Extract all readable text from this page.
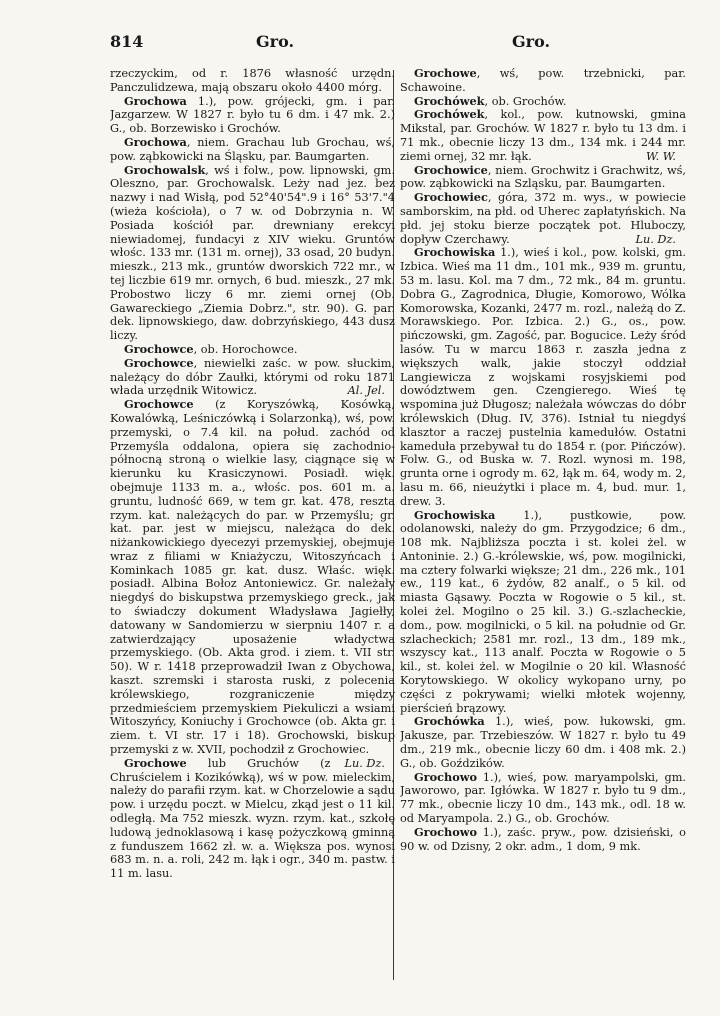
814	Gro.	Gro.

rzeczyckim, od r. 1876 własność urzędn. Panczulidzewa, mają obszaru około 4400 mórg.

Grochowa 1.), pow. grójecki, gm. i par. Jazgarzew. W 1827 r. było tu 6 dm. i 47 mk. 2.) G., ob. Borzewisko i Grochów.

Grochowa, niem. Grachau lub Grochau, wś, pow. ząbkowicki na Śląsku, par. Baumgarten.

Grochowalsk, wś i folw., pow. lipnowski, gm. Oleszno, par. Grochowalsk. Leży nad jez. bez nazwy i nad Wisłą, pod 52°40'54".9 i 16° 53'7."4 (wieża kościoła), o 7 w. od Dobrzynia n. W. Posiada kościół par. drewniany erekcyi niewiadomej, fundacyi z XIV wieku. Gruntów włośc. 133 mr. (131 m. ornej), 33 osad, 20 budyn. mieszk., 213 mk., gruntów dworskich 722 mr., w tej liczbie 619 mr. ornych, 6 bud. mieszk., 27 mk. Probostwo liczy 6 mr. ziemi ornej (Ob. Gawareckiego „Ziemia Dobrz.", str. 90). G. par. dek. lipnowskiego, daw. dobrzyńskiego, 443 dusz liczy.

Grochowce, ob. Horochowce.

Grochowce, niewielki zaśc. w pow. słuckim, należący do dóbr Zaułki, którymi od roku 1871 włada urzędnik Witowicz.	Al. Jel.

Grochowce (z Koryszówką, Kosówką, Kowalówką, Leśniczówką i Solarzonką), wś, pow. przemyski, o 7.4 kil. na połud. zachód od Przemyśla oddalona, opiera się zachodnio-północną stroną o wielkie lasy, ciągnące się w kierunku ku Krasiczynowi. Posiadł. więk. obejmuje 1133 m. a., włośc. pos. 601 m. a. gruntu, ludność 669, w tem gr. kat. 478, reszta rzym. kat. należących do par. w Przemyślu; gr. kat. par. jest w miejscu, należąca do dek. niżankowickiego dyecezyi przemyskiej, obejmuje wraz z filiami w Kniażyczu, Witoszyńcach i Kominkach 1085 gr. kat. dusz. Właśc. więk. posiadł. Albina Bołoz Antoniewicz. Gr. należały niegdyś do biskupstwa przemyskiego greck., jak to świadczy dokument Władysława Jagiełły, datowany w Sandomierzu w sierpniu 1407 r. a zatwierdzający uposażenie władyctwa przemyskiego. (Ob. Akta grod. i ziem. t. VII str. 50). W r. 1418 przeprowadził Iwan z Obychowa, kaszt. szremski i starosta ruski, z polecenia królewskiego, rozgraniczenie między przedmieściem przemyskiem Piekuliczi a wsiami Witoszyńcy, Koniuchy i Grochowce (ob. Akta gr. i ziem. t. VI str. 17 i 18). Grochowski, biskup przemyski z w. XVII, pochodził z Grochowiec.
Lu. Dz.

Grochowe lub Gruchów (z Chruścielem i Kozikówką), wś w pow. mieleckim, należy do parafii rzym. kat. w Chorzelowie a sądu pow. i urzędu poczt. w Mielcu, zkąd jest o 11 kil. odległą. Ma 752 mieszk. wyzn. rzym. kat., szkołę ludową jednoklasową i kasę pożyczkową gminną z funduszem 1662 zł. w. a. Większa pos. wynosi 683 m. n. a. roli, 242 m. łąk i ogr., 340 m. pastw. i 11 m. lasu.

Grochowe, wś, pow. trzebnicki, par. Schawoine.

Grochówek, ob. Grochów.

Grochówek, kol., pow. kutnowski, gmina Mikstal, par. Grochów. W 1827 r. było tu 13 dm. i 71 mk., obecnie liczy 13 dm., 134 mk. i 244 mr. ziemi ornej, 32 mr. łąk.	W. W.

Grochowice, niem. Grochwitz i Grachwitz, wś, pow. ząbkowicki na Szląsku, par. Baumgarten.

Grochowiec, góra, 372 m. wys., w powiecie samborskim, na płd. od Uherec zapłatyńskich. Na płd. jej stoku bierze początek pot. Hluboczy, dopływ Czerchawy.	Lu. Dz.

Grochowiska 1.), wieś i kol., pow. kolski, gm. Izbica. Wieś ma 11 dm., 101 mk., 939 m. gruntu, 53 m. lasu. Kol. ma 7 dm., 72 mk., 84 m. gruntu. Dobra G., Zagrodnica, Długie, Komorowo, Wólka Komorowska, Kozanki, 2477 m. rozl., należą do Z. Morawskiego. Por. Izbica. 2.) G., os., pow. pińczowski, gm. Zagość, par. Bogucice. Leży śród lasów. Tu w marcu 1863 r. zaszła jedna z większych walk, jakie stoczył oddział Langiewicza z wojskami rosyjskiemi pod dowództwem gen. Czengierego. Wieś tę wspomina już Długosz; należała wówczas do dóbr królewskich (Dług. IV, 376). Istniał tu niegdyś klasztor a raczej pustelnia kamedułów. Ostatni kameduła przebywał tu do 1854 r. (por. Pińczów). Folw. G., od Buska w. 7. Rozl. wynosi m. 198, grunta orne i ogrody m. 62, łąk m. 64, wody m. 2, lasu m. 66, nieużytki i place m. 4, bud. mur. 1, drew. 3.

Grochowiska 1.), pustkowie, pow. odolanowski, należy do gm. Przygodzice; 6 dm., 108 mk. Najbliższa poczta i st. kolei żel. w Antoninie. 2.) G.-królewskie, wś, pow. mogilnicki, ma cztery folwarki większe; 21 dm., 226 mk., 101 ew., 119 kat., 6 żydów, 82 analf., o 5 kil. od miasta Gąsawy. Poczta w Rogowie o 5 kil., st. kolei żel. Mogilno o 25 kil. 3.) G.-szlacheckie, dom., pow. mogilnicki, o 5 kil. na południe od Gr. szlacheckich; 2581 mr. rozl., 13 dm., 189 mk., wszyscy kat., 113 analf. Poczta w Rogowie o 5 kil., st. kolei żel. w Mogilnie o 20 kil. Własność Korytowskiego. W okolicy wykopano urny, po części z pokrywami; wielki młotek wojenny, pierścień brązowy.

Grochówka 1.), wieś, pow. łukowski, gm. Jakusze, par. Trzebieszów. W 1827 r. było tu 49 dm., 219 mk., obecnie liczy 60 dm. i 408 mk. 2.) G., ob. Goździków.

Grochowo 1.), wieś, pow. maryampolski, gm. Jaworowo, par. Igłówka. W 1827 r. było tu 9 dm., 77 mk., obecnie liczy 10 dm., 143 mk., odl. 18 w. od Maryampola. 2.) G., ob. Grochów.

Grochowo 1.), zaśc. pryw., pow. dzisieński, o 90 w. od Dzisny, 2 okr. adm., 1 dom, 9 mk.
